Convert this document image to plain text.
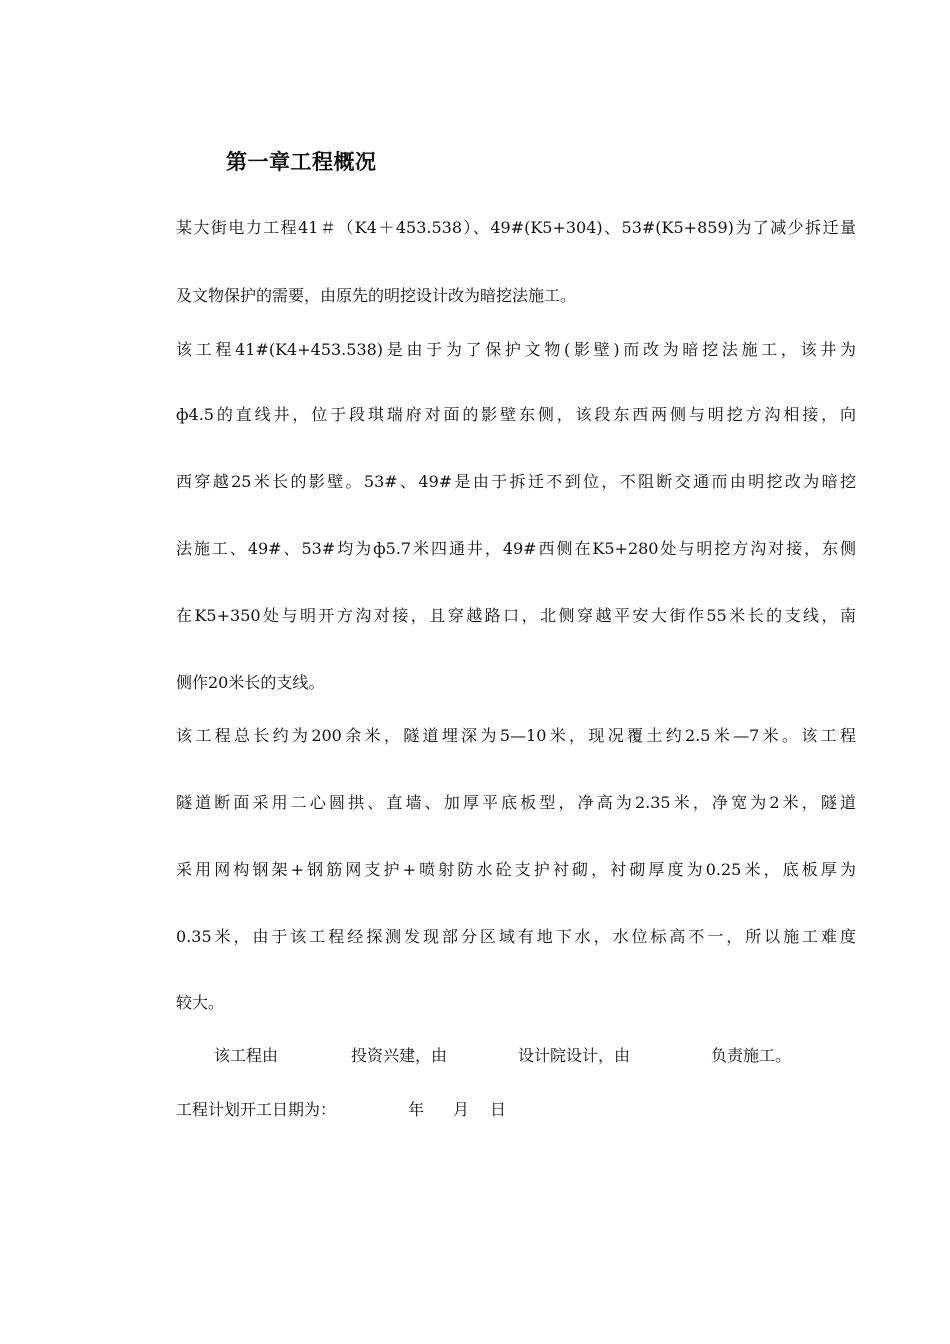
第一章工程概况
某大街电力工程41＃（K4＋453.538）、49#(K5+304)、53#(K5+859)为了减少拆迁量
及文物保护的需要，由原先的明挖设计改为暗挖法施工。
该工程41#(K4+453.538)是由于为了保护文物(影壁)而改为暗挖法施工，该井为
ф4.5的直线井，位于段琪瑞府对面的影壁东侧，该段东西两侧与明挖方沟相接，向
西穿越25米长的影壁。53#、49#是由于拆迁不到位，不阻断交通而由明挖改为暗挖
法施工、49#、53#均为ф5.7米四通井，49#西侧在K5+280处与明挖方沟对接，东侧
在K5+350处与明开方沟对接，且穿越路口，北侧穿越平安大街作55米长的支线，南
侧作20米长的支线。
该工程总长约为200余米，隧道埋深为5—10米，现况覆土约2.5米—7米。该工程
隧道断面采用二心圆拱、直墙、加厚平底板型，净高为2.35米，净宽为2米，隧道
采用网构钢架+钢筋网支护+喷射防水砼支护衬砌，衬砌厚度为0.25米，底板厚为
0.35米，由于该工程经探测发现部分区域有地下水，水位标高不一，所以施工难度
较大。
该工程由	投资兴建，由	设计院设计，由	负责施工。
工程计划开工日期为：	年 月 日
